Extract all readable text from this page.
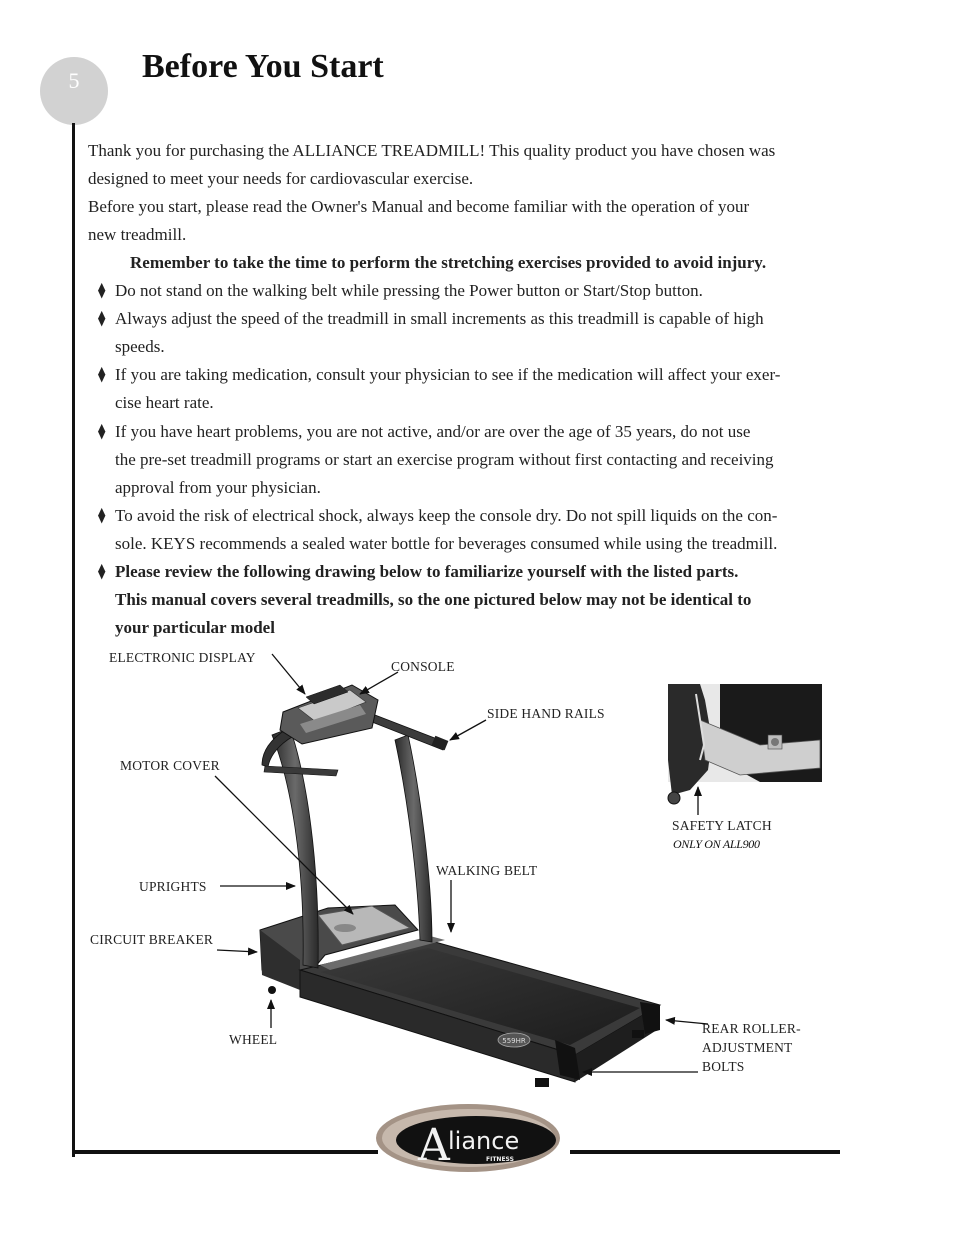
5	Before You Start
Thank you for purchasing the ALLIANCE TREADMILL! This quality product you have chosen was
designed to meet your needs for cardiovascular exercise.
Before you start, please read the Owner's Manual and become familiar with the operation of your
new treadmill.
Remember to take the time to perform the stretching exercises provided to avoid injury.
⧫ Do not stand on the walking belt while pressing the Power button or Start/Stop button.
⧫ Always adjust the speed of the treadmill in small increments as this treadmill is capable of high
speeds.
⧫ If you are taking medication, consult your physician to see if the medication will affect your exer-
cise heart rate.
⧫ If you have heart problems, you are not active, and/or are over the age of 35 years, do not use
the pre-set treadmill programs or start an exercise program without first contacting and receiving
approval from your physician.
⧫ To avoid the risk of electrical shock, always keep the console dry. Do not spill liquids on the con-
sole. KEYS recommends a sealed water bottle for beverages consumed while using the treadmill.
⧫ Please review the following drawing below to familiarize yourself with the listed parts.
This manual covers several treadmills, so the one pictured below may not be identical to
your particular model
ELECTRONIC DISPLAY
CONSOLE
SIDE HAND RAILS
MOTOR COVER
UPRIGHTS
WALKING BELT
CIRCUIT BREAKER
WHEEL
REAR ROLLER-
ADJUSTMENT
BOLTS
SAFETY LATCH
ONLY ON ALL900
559HR
A
liance
FITNESS
